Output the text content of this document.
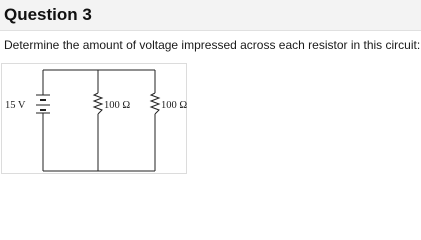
Question 3
Determine the amount of voltage impressed across each resistor in this circuit:
15 V	100 Ω	100 Ω
